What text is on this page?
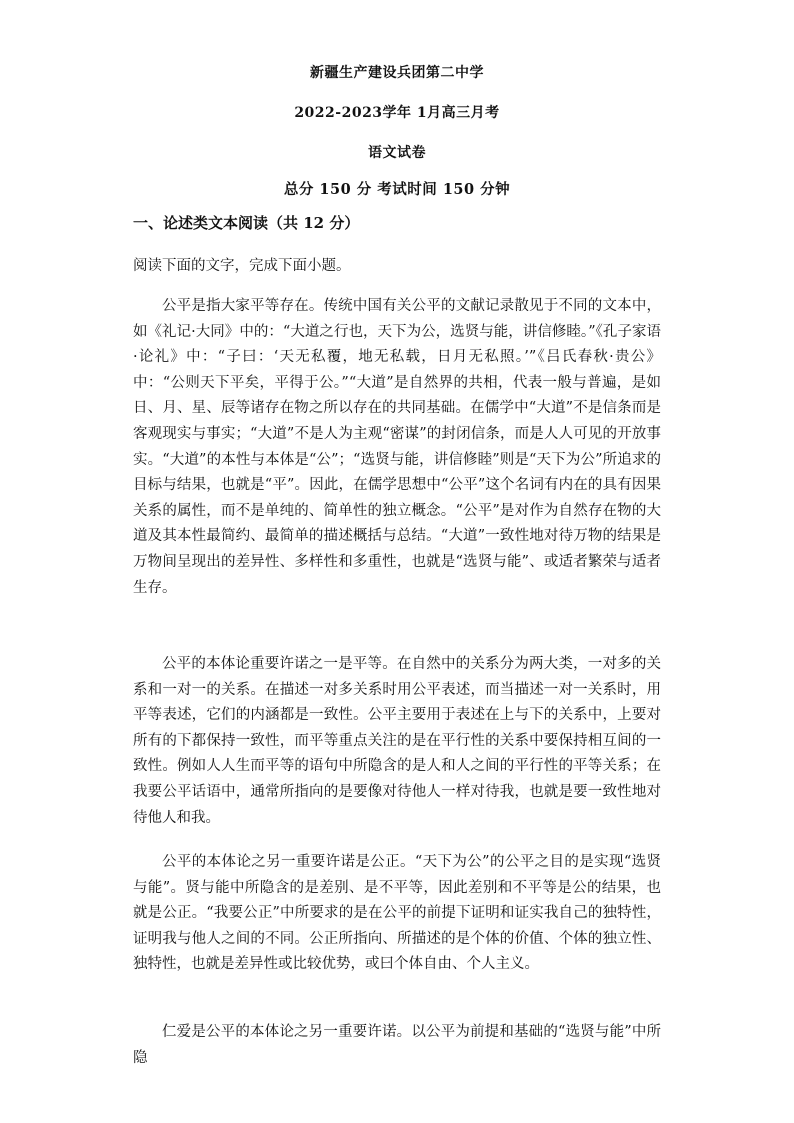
新疆生产建设兵团第二中学
2022-2023学年 1月高三月考
语文试卷
总分 150 分 考试时间 150 分钟
一、论述类文本阅读（共 12 分）
阅读下面的文字，完成下面小题。

公平是指大家平等存在。传统中国有关公平的文献记录散见于不同的文本中，如《礼记·大同》中的：“大道之行也，天下为公，选贤与能，讲信修睦。”《孔子家语·论礼》中：“子曰：‘天无私覆，地无私载，日月无私照。’”《吕氏春秋·贵公》中：“公则天下平矣，平得于公。”“大道”是自然界的共相，代表一般与普遍，是如日、月、星、辰等诸存在物之所以存在的共同基础。在儒学中“大道”不是信条而是客观现实与事实；“大道”不是人为主观“密谋”的封闭信条，而是人人可见的开放事实。“大道”的本性与本体是“公”；“选贤与能，讲信修睦”则是“天下为公”所追求的目标与结果，也就是“平”。因此，在儒学思想中“公平”这个名词有内在的具有因果关系的属性，而不是单纯的、简单性的独立概念。“公平”是对作为自然存在物的大道及其本性最简约、最简单的描述概括与总结。“大道”一致性地对待万物的结果是万物间呈现出的差异性、多样性和多重性，也就是“选贤与能”、或适者繁荣与适者生存。

公平的本体论重要许诺之一是平等。在自然中的关系分为两大类，一对多的关系和一对一的关系。在描述一对多关系时用公平表述，而当描述一对一关系时，用平等表述，它们的内涵都是一致性。公平主要用于表述在上与下的关系中，上要对所有的下都保持一致性，而平等重点关注的是在平行性的关系中要保持相互间的一致性。例如人人生而平等的语句中所隐含的是人和人之间的平行性的平等关系；在我要公平话语中，通常所指向的是要像对待他人一样对待我，也就是要一致性地对待他人和我。

公平的本体论之另一重要许诺是公正。“天下为公”的公平之目的是实现“选贤与能”。贤与能中所隐含的是差别、是不平等，因此差别和不平等是公的结果，也就是公正。“我要公正”中所要求的是在公平的前提下证明和证实我自己的独特性，证明我与他人之间的不同。公正所指向、所描述的是个体的价值、个体的独立性、独特性，也就是差异性或比较优势，或曰个体自由、个人主义。

仁爱是公平的本体论之另一重要许诺。以公平为前提和基础的“选贤与能”中所隐
